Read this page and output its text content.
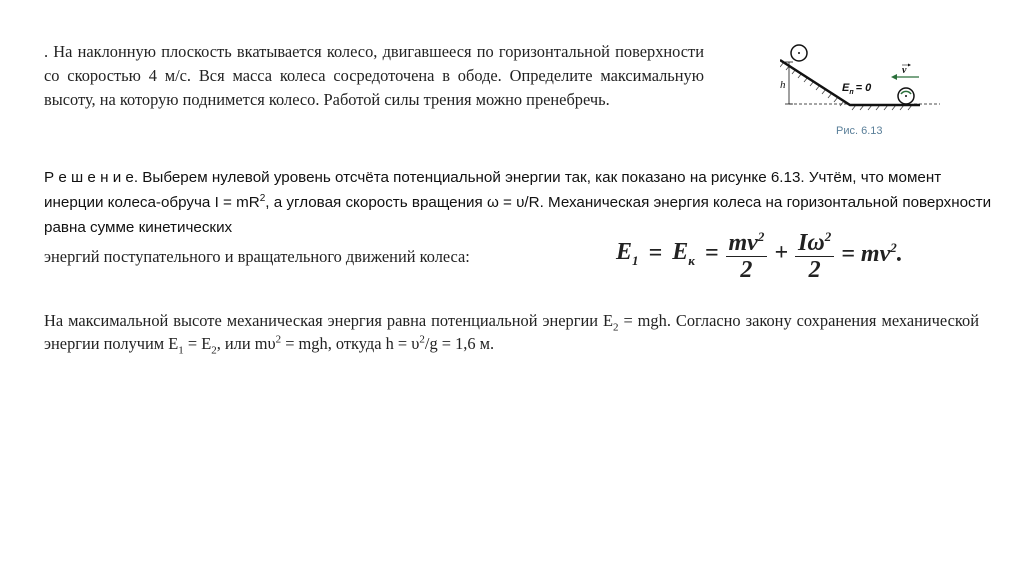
. На наклонную плоскость вкатывается колесо, двигавшееся по горизонтальной поверхности со скоростью 4 м/с. Вся масса колеса сосредоточена в ободе. Определите максимальную высоту, на которую поднимется колесо. Работой силы трения можно пренебречь.
h	$E_п = 0$
v
Рис. 6.13
Р е ш е н и е. Выберем нулевой уровень отсчёта потенциальной энергии так, как показано на рисунке 6.13. Учтём, что момент инерции колеса-обруча $I = mR^2$, а угловая скорость вращения ω = υ/R. Механическая энергия колеса на горизонтальной поверхности равна сумме кинетических
энергий поступательного и вращательного движений колеса:	$E_1 = E_к = \frac{mv^2}{2} + \frac{I\omega^2}{2} = mv^2$.
На максимальной высоте механическая энергия равна потенциальной энергии $E_2$ = mgh. Согласно закону сохранения механической энергии получим $E_1 = E_2$, или $m\upsilon^2$ = mgh, откуда $h = \upsilon^2/g = 1,6$ м.
